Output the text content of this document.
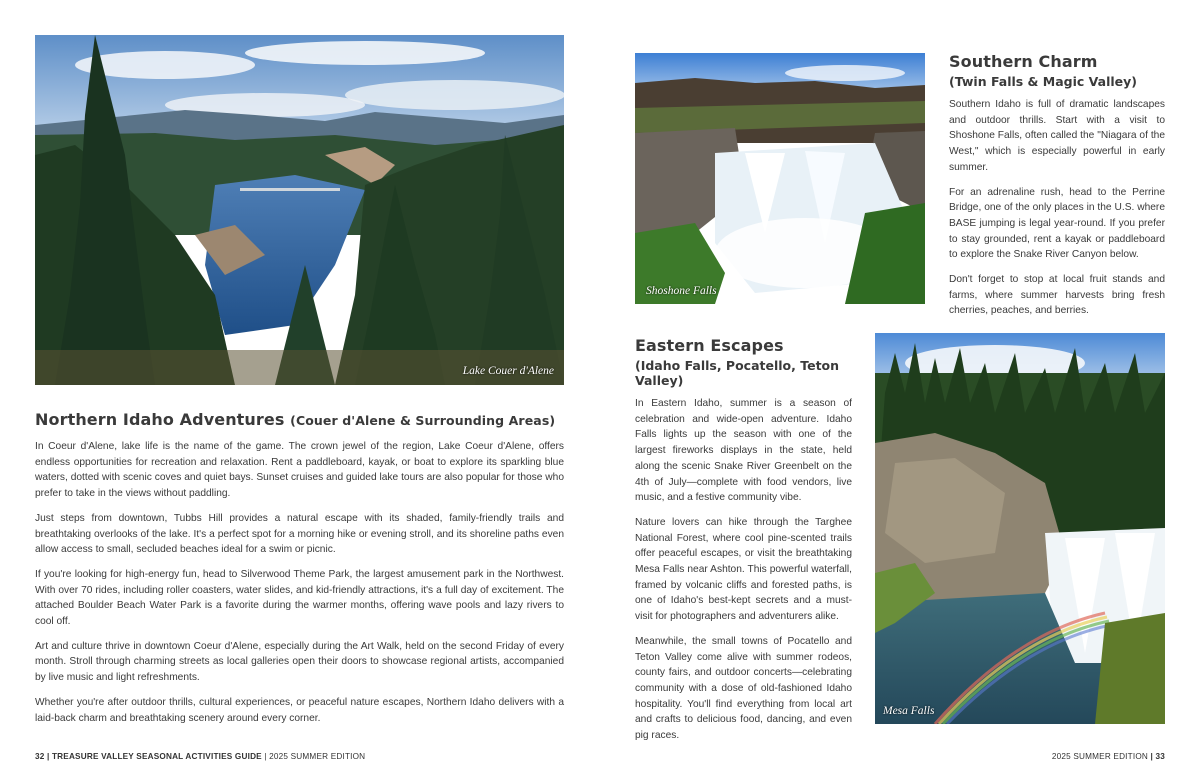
Lake Couer d'Alene
Northern Idaho Adventures (Couer d'Alene & Surrounding Areas)

In Coeur d'Alene, lake life is the name of the game. The crown jewel of the region, Lake Coeur d'Alene, offers endless opportunities for recreation and relaxation. Rent a paddleboard, kayak, or boat to explore its sparkling blue waters, dotted with scenic coves and quiet bays. Sunset cruises and guided lake tours are also popular for those who prefer to take in the views without paddling.

Just steps from downtown, Tubbs Hill provides a natural escape with its shaded, family-friendly trails and breathtaking overlooks of the lake. It's a perfect spot for a morning hike or evening stroll, and its shoreline paths even allow access to small, secluded beaches ideal for a swim or picnic.

If you're looking for high-energy fun, head to Silverwood Theme Park, the largest amusement park in the Northwest. With over 70 rides, including roller coasters, water slides, and kid-friendly attractions, it's a full day of excitement. The attached Boulder Beach Water Park is a favorite during the warmer months, offering wave pools and lazy rivers to cool off.

Art and culture thrive in downtown Coeur d'Alene, especially during the Art Walk, held on the second Friday of every month. Stroll through charming streets as local galleries open their doors to showcase regional artists, accompanied by live music and light refreshments.

Whether you're after outdoor thrills, cultural experiences, or peaceful nature escapes, Northern Idaho delivers with a laid-back charm and breathtaking scenery around every corner.

32 | TREASURE VALLEY SEASONAL ACTIVITIES GUIDE | 2025 SUMMER EDITION
Shoshone Falls
Southern Charm
(Twin Falls & Magic Valley)

Southern Idaho is full of dramatic landscapes and outdoor thrills. Start with a visit to Shoshone Falls, often called the "Niagara of the West," which is especially powerful in early summer.

For an adrenaline rush, head to the Perrine Bridge, one of the only places in the U.S. where BASE jumping is legal year-round. If you prefer to stay grounded, rent a kayak or paddleboard to explore the Snake River Canyon below.

Don't forget to stop at local fruit stands and farms, where summer harvests bring fresh cherries, peaches, and berries.

Eastern Escapes
(Idaho Falls, Pocatello, Teton Valley)

In Eastern Idaho, summer is a season of celebration and wide-open adventure. Idaho Falls lights up the season with one of the largest fireworks displays in the state, held along the scenic Snake River Greenbelt on the 4th of July—complete with food vendors, live music, and a festive community vibe.

Nature lovers can hike through the Targhee National Forest, where cool pine-scented trails offer peaceful escapes, or visit the breathtaking Mesa Falls near Ashton. This powerful waterfall, framed by volcanic cliffs and forested paths, is one of Idaho's best-kept secrets and a must-visit for photographers and adventurers alike.

Meanwhile, the small towns of Pocatello and Teton Valley come alive with summer rodeos, county fairs, and outdoor concerts—celebrating community with a dose of old-fashioned Idaho hospitality. You'll find everything from local art and crafts to delicious food, dancing, and even pig races.

Mesa Falls
2025 SUMMER EDITION | 33
